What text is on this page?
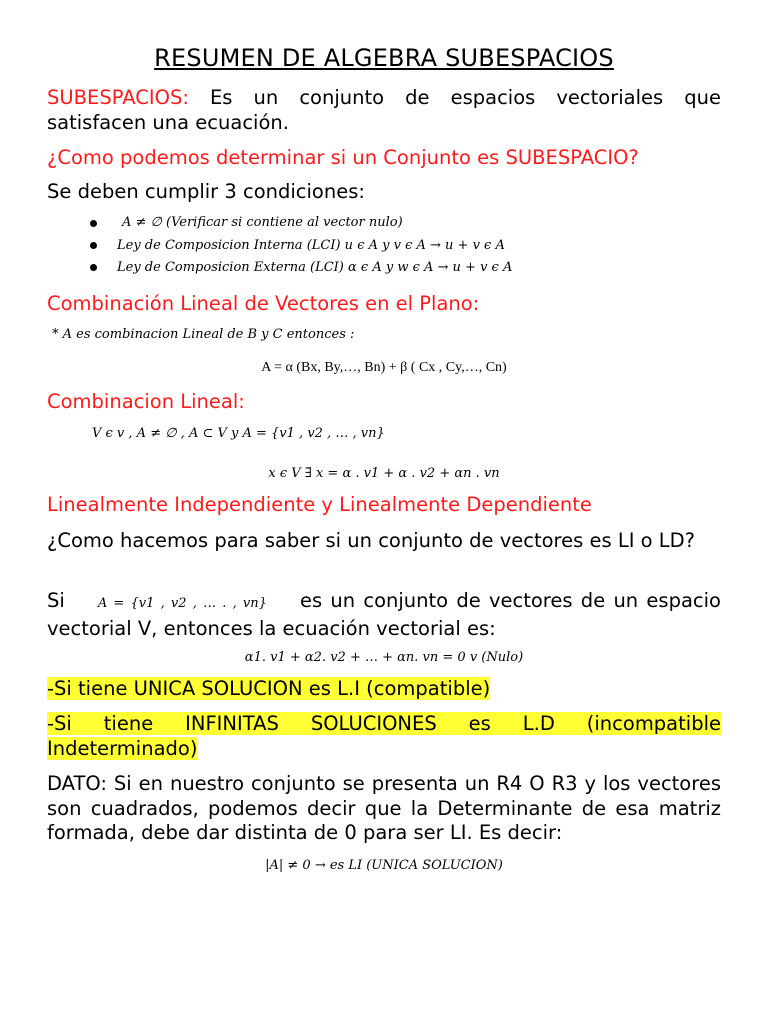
RESUMEN DE ALGEBRA SUBESPACIOS
SUBESPACIOS: Es un conjunto de espacios vectoriales que satisfacen una ecuación.
¿Como podemos determinar si un Conjunto es SUBESPACIO?
Se deben cumplir 3 condiciones:
A ≠ ∅ (Verificar si contiene al vector nulo)
Ley de Composicion Interna (LCI) u ϵ A y v ϵ A → u + v ϵ A
Ley de Composicion Externa (LCI) α ϵ A y w ϵ A → u + v ϵ A
Combinación Lineal de Vectores en el Plano:
* A es combinacion Lineal de B y C entonces :
A = α (Bx, By,…, Bn) + β ( Cx , Cy,…, Cn)
Combinacion Lineal:
V ϵ v , A ≠ ∅ , A ⊂ V y A = {v1 , v2 , … , vn}
x ϵ V ∃̈ x = α . v1 + α . v2 + αn . vn
Linealmente Independiente y Linealmente Dependiente
¿Como hacemos para saber si un conjunto de vectores es LI o LD?
Si	A = {v1 , v2 , … . , vn} es un conjunto de vectores de un espacio vectorial V, entonces la ecuación vectorial es:
α1. v1 + α2. v2 + … + αn. vn = 0 v (Nulo)
-Si tiene UNICA SOLUCION es L.I (compatible)
-Si tiene INFINITAS SOLUCIONES es L.D (incompatible Indeterminado)
DATO: Si en nuestro conjunto se presenta un R4 O R3 y los vectores son cuadrados, podemos decir que la Determinante de esa matriz formada, debe dar distinta de 0 para ser LI. Es decir:
|A| ≠ 0 → es LI (UNICA SOLUCION)
